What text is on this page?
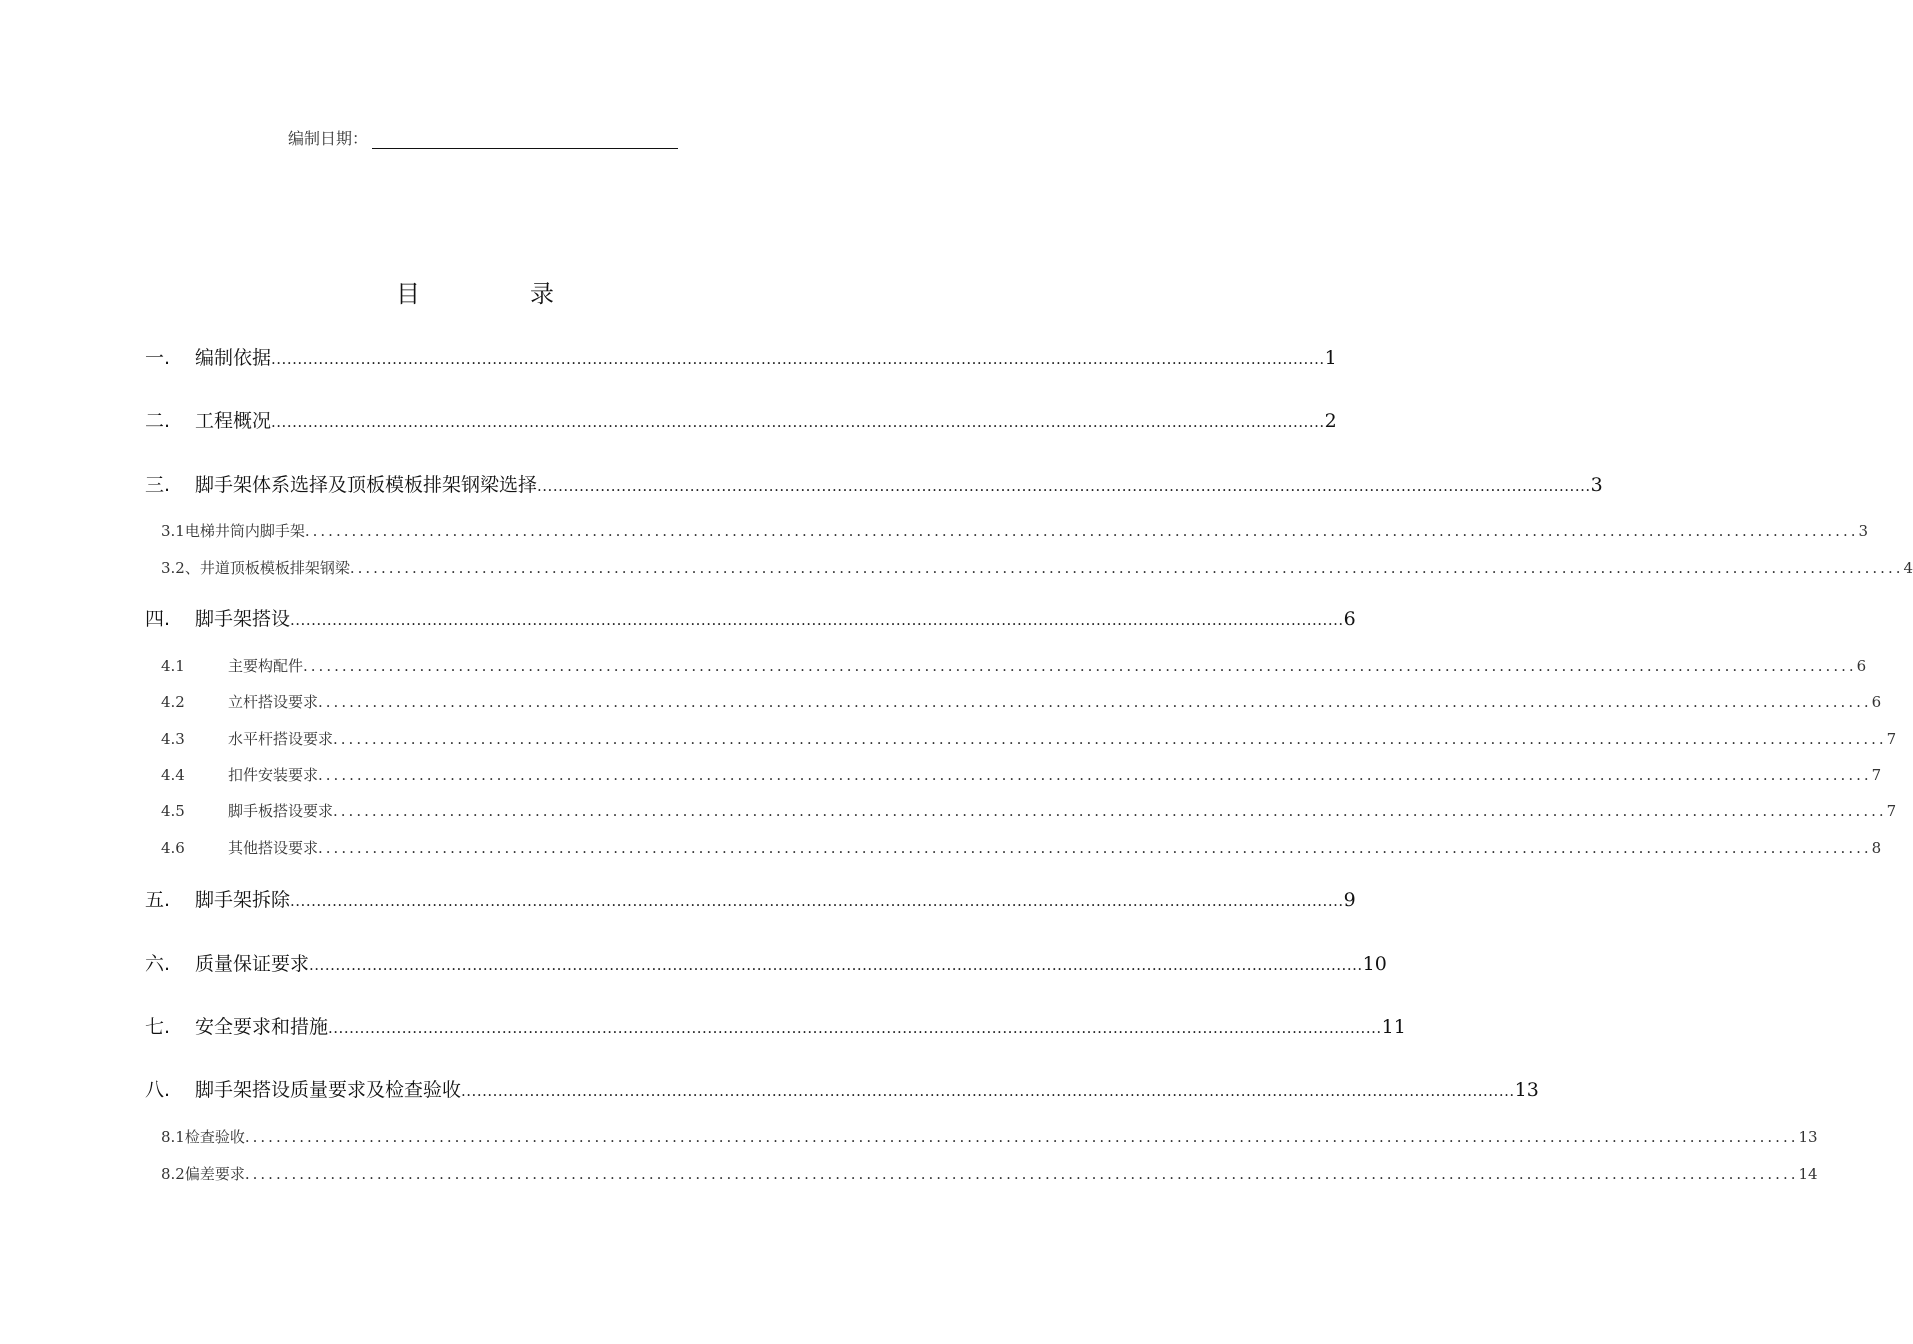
编制日期：
目	录
一.	编制依据 ........................................................................................................................................................................................................ 1
二.	工程概况 ........................................................................................................................................................................................................ 2
三.	脚手架体系选择及顶板模板排架钢梁选择 ........................................................................................................................................................................................................ 3
3.1 电梯井筒内脚手架 ........................................................................................................................................................................................................ 3
3.2、 井道顶板模板排架钢梁 ........................................................................................................................................................................................................ 4
四.	脚手架搭设 ........................................................................................................................................................................................................ 6
4.1	主要构配件 ........................................................................................................................................................................................................ 6
4.2	立杆搭设要求 ........................................................................................................................................................................................................ 6
4.3	水平杆搭设要求 ........................................................................................................................................................................................................ 7
4.4	扣件安装要求 ........................................................................................................................................................................................................ 7
4.5	脚手板搭设要求 ........................................................................................................................................................................................................ 7
4.6	其他搭设要求 ........................................................................................................................................................................................................ 8
五.	脚手架拆除 ........................................................................................................................................................................................................ 9
六.	质量保证要求 ........................................................................................................................................................................................................ 10
七.	安全要求和措施 ........................................................................................................................................................................................................ 11
八.	脚手架搭设质量要求及检查验收 ........................................................................................................................................................................................................ 13
8.1 检查验收 ........................................................................................................................................................................................................ 13
8.2 偏差要求 ........................................................................................................................................................................................................ 14
